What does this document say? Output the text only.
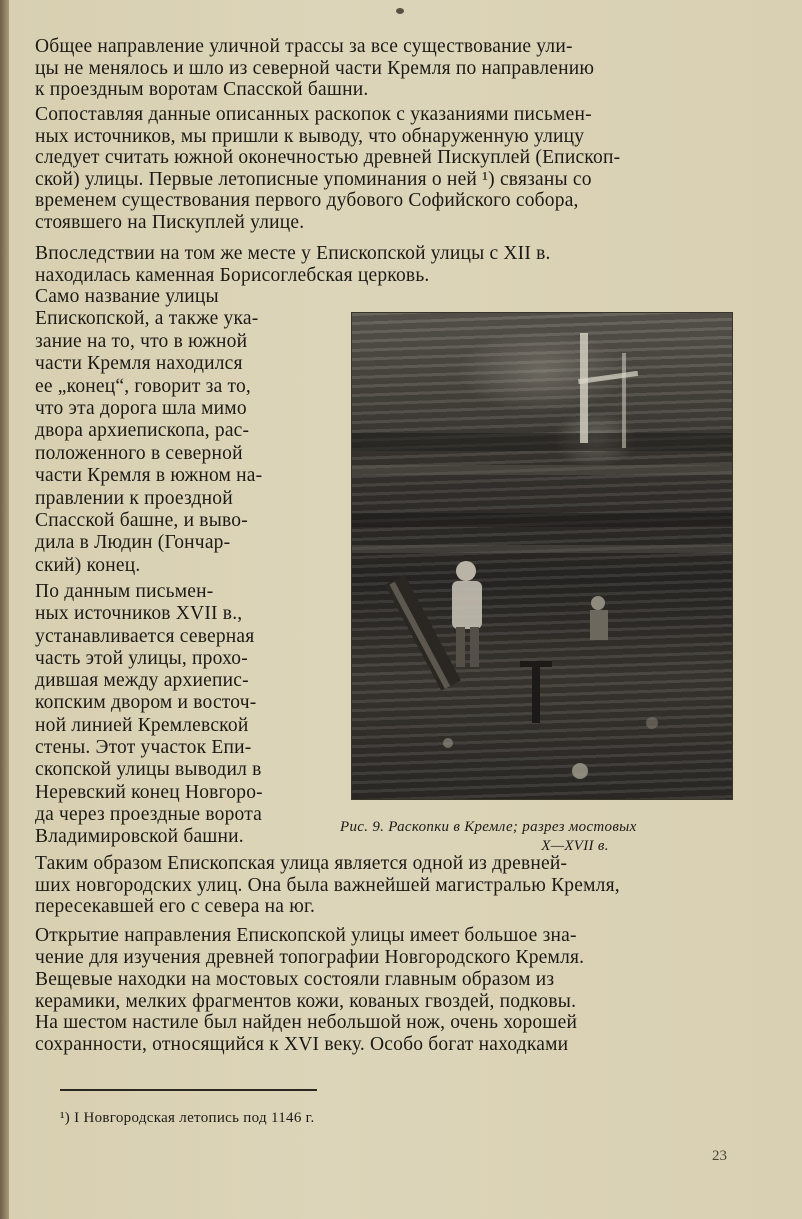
Общее направление уличной трассы за все существование ули-
цы не менялось и шло из северной части Кремля по направлению
к проездным воротам Спасской башни.

Сопоставляя данные описанных раскопок с указаниями письмен-
ных источников, мы пришли к выводу, что обнаруженную улицу
следует считать южной оконечностью древней Пискуплей (Епископ-
ской) улицы. Первые летописные упоминания о ней ¹) связаны со
временем существования первого дубового Софийского собора,
стоявшего на Пискуплей улице.

Впоследствии на том же месте у Епископской улицы с XII в.
находилась каменная Борисоглебская церковь.

Само название улицы
Епископской, а также ука-
зание на то, что в южной
части Кремля находился
ее „конец“, говорит за то,
что эта дорога шла мимо
двора архиепископа, рас-
положенного в северной
части Кремля в южном на-
правлении к проездной
Спасской башне, и выво-
дила в Людин (Гончар-
ский) конец.

По данным письмен-
ных источников XVII в.,
устанавливается северная
часть этой улицы, прохо-
дившая между архиепис-
копским двором и восточ-
ной линией Кремлевской
стены. Этот участок Епи-
скопской улицы выводил в
Неревский конец Новгоро-
да через проездные ворота
Владимировской башни.	Рис. 9. Раскопки в Кремле; разрез мостовых
X—XVII в.

Таким образом Епископская улица является одной из древней-
ших новгородских улиц. Она была важнейшей магистралью Кремля,
пересекавшей его с севера на юг.

Открытие направления Епископской улицы имеет большое зна-
чение для изучения древней топографии Новгородского Кремля.

Вещевые находки на мостовых состояли главным образом из
керамики, мелких фрагментов кожи, кованых гвоздей, подковы.
На шестом настиле был найден небольшой нож, очень хорошей
сохранности, относящийся к XVI веку. Особо богат находками

¹) I Новгородская летопись под 1146 г.
23
